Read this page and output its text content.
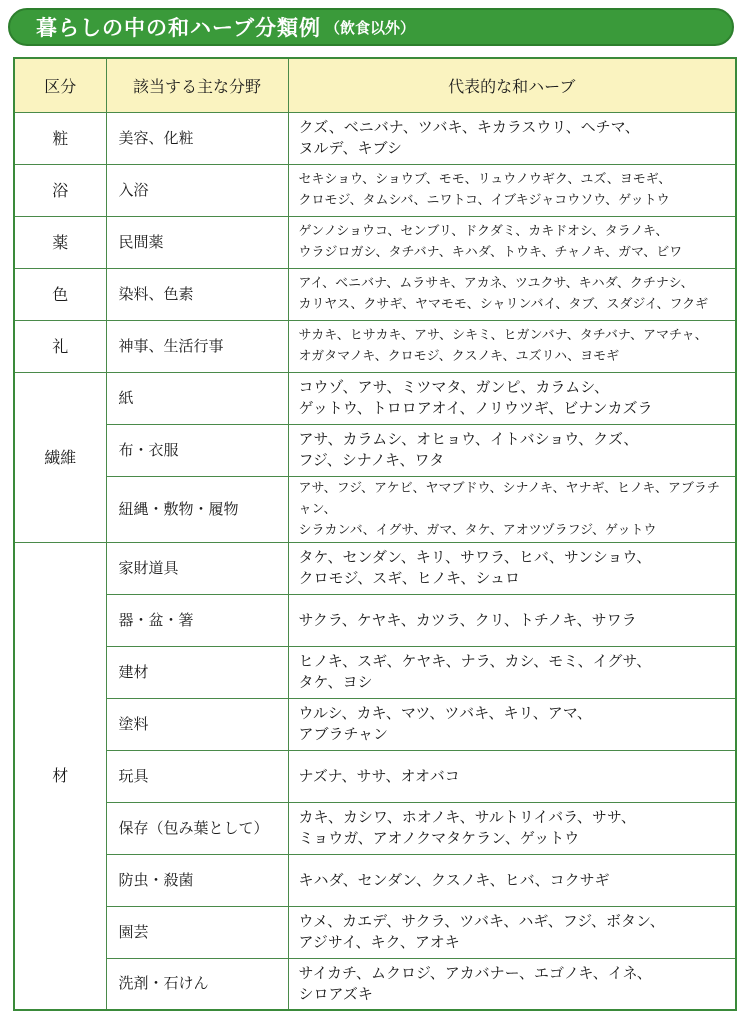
暮らしの中の和ハーブ分類例 （飲食以外）
区分	該当する主な分野	代表的な和ハーブ
粧	美容、化粧	クズ、ベニバナ、ツバキ、キカラスウリ、ヘチマ、
ヌルデ、キブシ

浴	入浴	セキショウ、ショウブ、モモ、リュウノウギク、ユズ、ヨモギ、
クロモジ、タムシバ、ニワトコ、イブキジャコウソウ、ゲットウ

薬	民間薬	ゲンノショウコ、センブリ、ドクダミ、カキドオシ、タラノキ、
ウラジロガシ、タチバナ、キハダ、トウキ、チャノキ、ガマ、ビワ

色	染料、色素	アイ、ベニバナ、ムラサキ、アカネ、ツユクサ、キハダ、クチナシ、
カリヤス、クサギ、ヤマモモ、シャリンバイ、タブ、スダジイ、フクギ

礼	神事、生活行事	サカキ、ヒサカキ、アサ、シキミ、ヒガンバナ、タチバナ、アマチャ、
オガタマノキ、クロモジ、クスノキ、ユズリハ、ヨモギ

繊維	紙	コウゾ、アサ、ミツマタ、ガンピ、カラムシ、
ゲットウ、トロロアオイ、ノリウツギ、ビナンカズラ

	布・衣服	アサ、カラムシ、オヒョウ、イトバショウ、クズ、
フジ、シナノキ、ワタ

	紐縄・敷物・履物	アサ、フジ、アケビ、ヤマブドウ、シナノキ、ヤナギ、ヒノキ、アブラチャン、
シラカンバ、イグサ、ガマ、タケ、アオツヅラフジ、ゲットウ

材	家財道具	タケ、センダン、キリ、サワラ、ヒバ、サンショウ、
クロモジ、スギ、ヒノキ、シュロ

	器・盆・箸	サクラ、ケヤキ、カツラ、クリ、トチノキ、サワラ

	建材	ヒノキ、スギ、ケヤキ、ナラ、カシ、モミ、イグサ、
タケ、ヨシ

	塗料	ウルシ、カキ、マツ、ツバキ、キリ、アマ、
アブラチャン

	玩具	ナズナ、ササ、オオバコ

	保存（包み葉として）	カキ、カシワ、ホオノキ、サルトリイバラ、ササ、
ミョウガ、アオノクマタケラン、ゲットウ

	防虫・殺菌	キハダ、センダン、クスノキ、ヒバ、コクサギ

	園芸	ウメ、カエデ、サクラ、ツバキ、ハギ、フジ、ボタン、
アジサイ、キク、アオキ

	洗剤・石けん	サイカチ、ムクロジ、アカバナー、エゴノキ、イネ、
シロアズキ
